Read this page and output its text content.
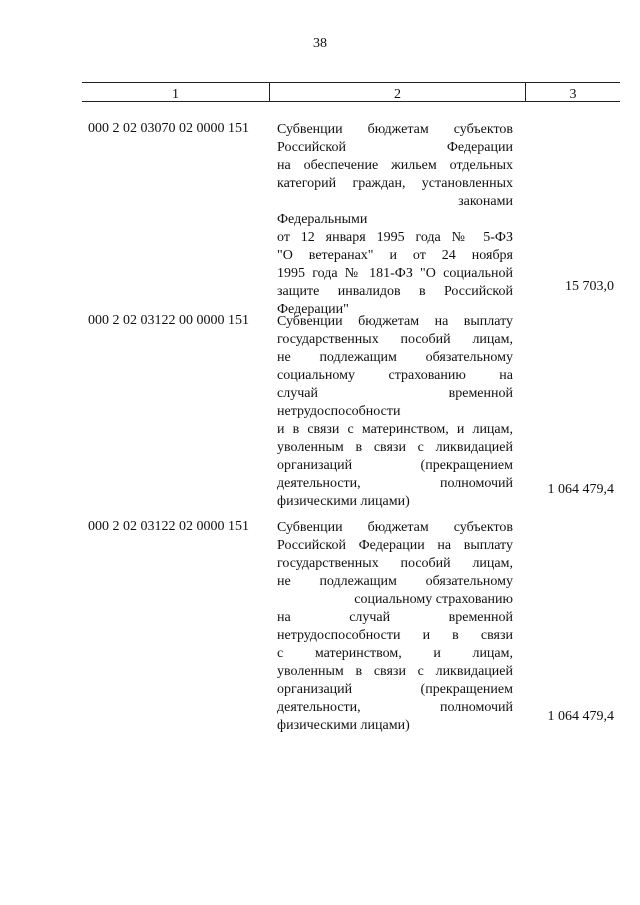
38
1	2	3
000 2 02 03070 02 0000 151 Субвенции бюджетам субъектов
Российской Федерации
на обеспечение жильем отдельных
категорий граждан, установленных
законами
Федеральными
от 12 января 1995 года № 5-ФЗ
"О ветеранах" и от 24 ноября
1995 года № 181-ФЗ "О социальной
защите инвалидов в Российской
Федерации"
15 703,0
000 2 02 03122 00 0000 151 Субвенции бюджетам на выплату
государственных пособий лицам,
не подлежащим обязательному
социальному страхованию на
случай временной
нетрудоспособности
и в связи с материнством, и лицам,
уволенным в связи с ликвидацией
организаций (прекращением
деятельности, полномочий
физическими лицами)
1 064 479,4
000 2 02 03122 02 0000 151 Субвенции бюджетам субъектов
Российской Федерации на выплату
государственных пособий лицам,
не подлежащим обязательному
социальному страхованию
на случай временной
нетрудоспособности и в связи
с материнством, и лицам,
уволенным в связи с ликвидацией
организаций (прекращением
деятельности, полномочий
физическими лицами)
1 064 479,4
